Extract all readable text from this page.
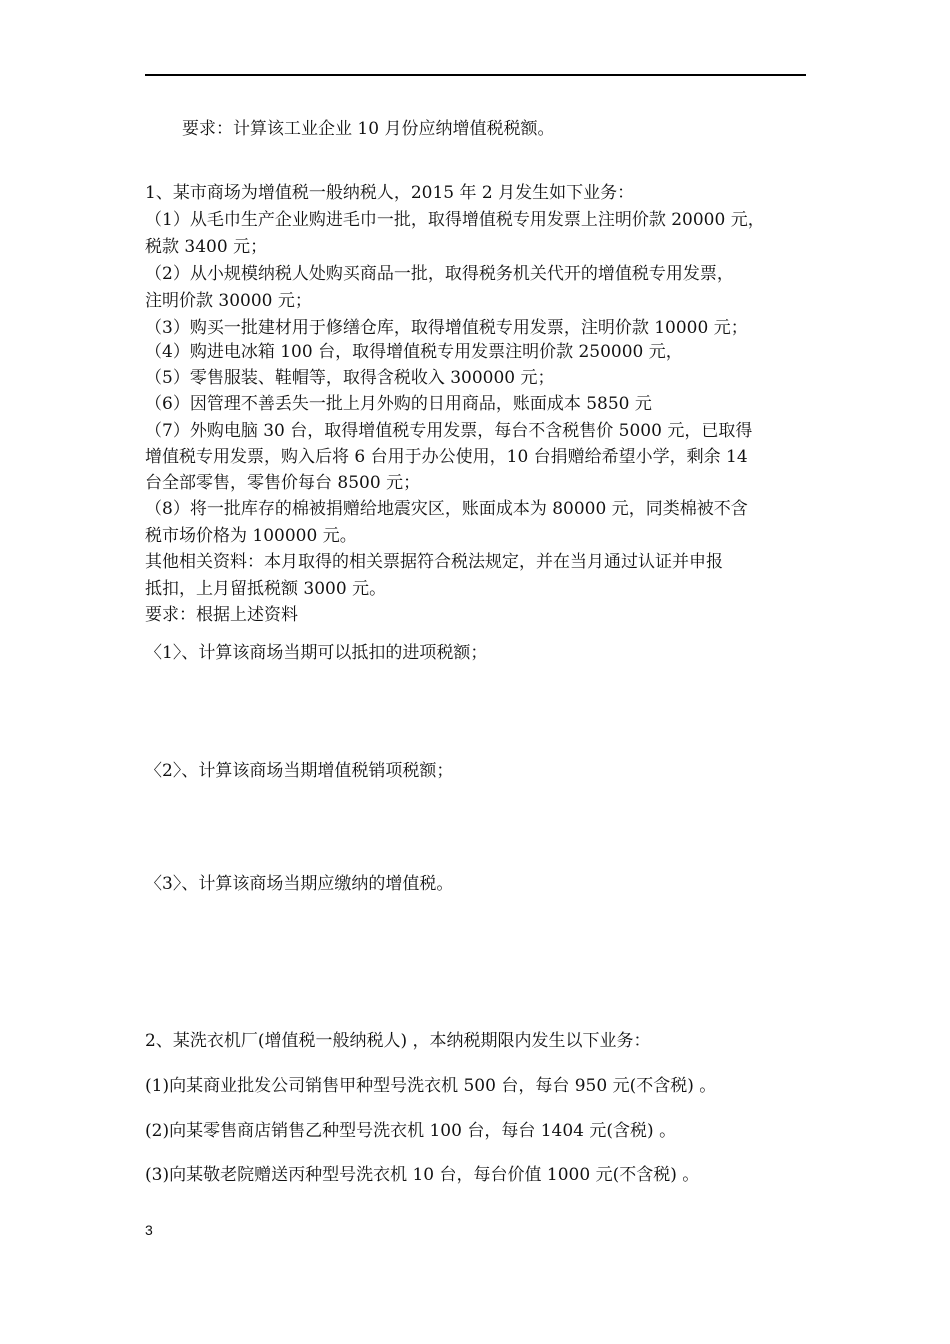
要求：计算该工业企业 10 月份应纳增值税税额。
1、某市商场为增值税一般纳税人，2015 年 2 月发生如下业务：
（1）从毛巾生产企业购进毛巾一批，取得增值税专用发票上注明价款 20000 元，
税款 3400 元；
（2）从小规模纳税人处购买商品一批，取得税务机关代开的增值税专用发票，
注明价款 30000 元；
（3）购买一批建材用于修缮仓库，取得增值税专用发票，注明价款 10000 元；
（4）购进电冰箱 100 台，取得增值税专用发票注明价款 250000 元，
（5）零售服装、鞋帽等，取得含税收入 300000 元；
（6）因管理不善丢失一批上月外购的日用商品，账面成本 5850 元
（7）外购电脑 30 台，取得增值税专用发票，每台不含税售价 5000 元，已取得
增值税专用发票，购入后将 6 台用于办公使用，10 台捐赠给希望小学，剩余 14
台全部零售，零售价每台 8500 元；
（8）将一批库存的棉被捐赠给地震灾区，账面成本为 80000 元，同类棉被不含
税市场价格为 100000 元。
其他相关资料：本月取得的相关票据符合税法规定，并在当月通过认证并申报
抵扣，上月留抵税额 3000 元。
要求：根据上述资料
〈1〉、计算该商场当期可以抵扣的进项税额；
〈2〉、计算该商场当期增值税销项税额；
〈3〉、计算该商场当期应缴纳的增值税。
2、某洗衣机厂(增值税一般纳税人) ，本纳税期限内发生以下业务：
(1)向某商业批发公司销售甲种型号洗衣机 500 台，每台 950 元(不含税) 。
(2)向某零售商店销售乙种型号洗衣机 100 台，每台 1404 元(含税) 。
(3)向某敬老院赠送丙种型号洗衣机 10 台，每台价值 1000 元(不含税) 。
3
